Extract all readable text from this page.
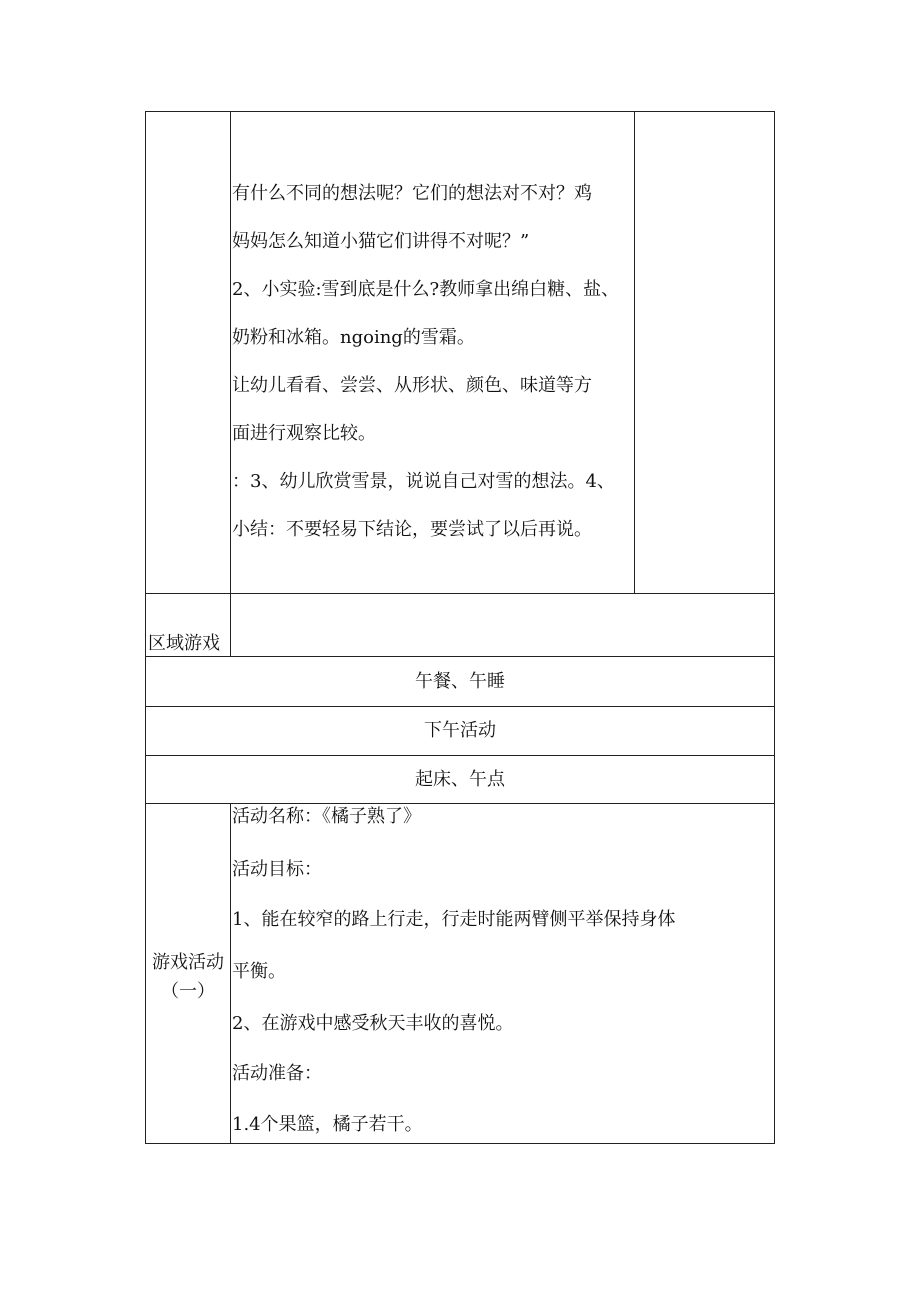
有什么不同的想法呢？它们的想法对不对？鸡
妈妈怎么知道小猫它们讲得不对呢？”
2、小实验:雪到底是什么?教师拿出绵白糖、盐、
奶粉和冰箱。ngoing的雪霜。
让幼儿看看、尝尝、从形状、颜色、味道等方
面进行观察比较。
：3、幼儿欣赏雪景，说说自己对雪的想法。4、
小结：不要轻易下结论，要尝试了以后再说。
区域游戏
午餐、午睡
下午活动
起床、午点
游戏活动
（一）
活动名称：《橘子熟了》
活动目标：
1、能在较窄的路上行走，行走时能两臂侧平举保持身体
平衡。
2、在游戏中感受秋天丰收的喜悦。
活动准备：
1.4个果篮，橘子若干。
